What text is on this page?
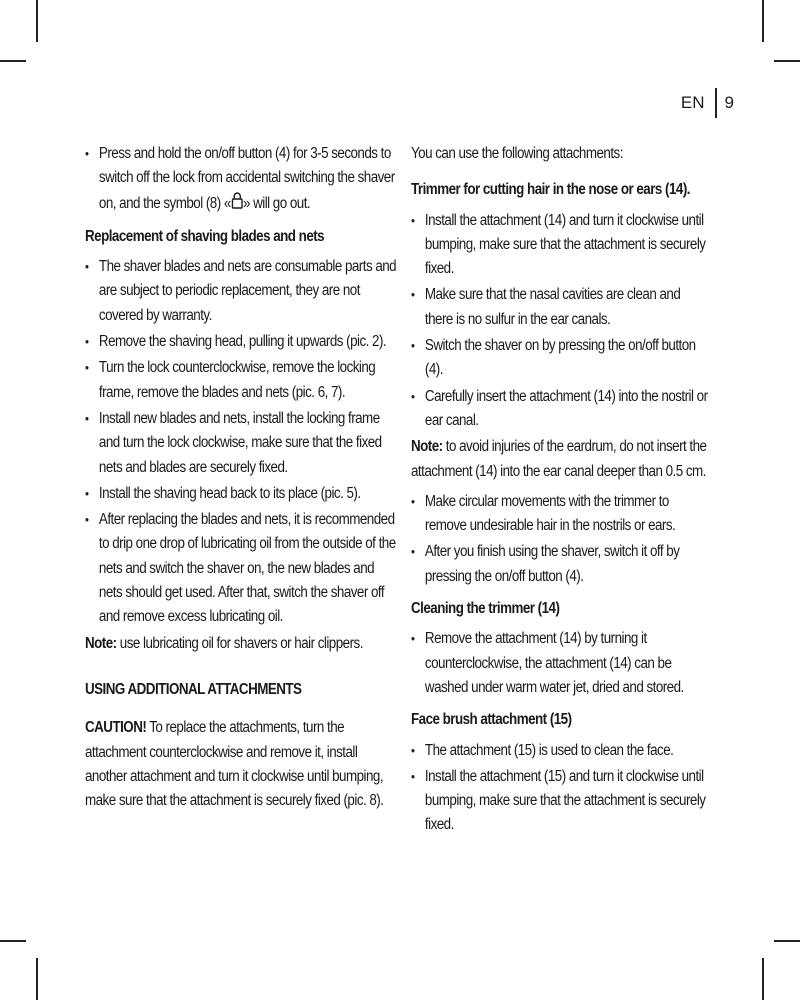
EN	9
• Press and hold the on/off button (4) for 3-5 seconds to switch off the lock from accidental switching the shaver on, and the symbol (8) « » will go out.
Replacement of shaving blades and nets
• The shaver blades and nets are consumable parts and are subject to periodic replacement, they are not covered by warranty.
• Remove the shaving head, pulling it upwards (pic. 2).
• Turn the lock counterclockwise, remove the locking frame, remove the blades and nets (pic. 6, 7).
• Install new blades and nets, install the locking frame and turn the lock clockwise, make sure that the fixed nets and blades are securely fixed.
• Install the shaving head back to its place (pic. 5).
• After replacing the blades and nets, it is recommended to drip one drop of lubricating oil from the outside of the nets and switch the shaver on, the new blades and nets should get used. After that, switch the shaver off and remove excess lubricating oil.
Note: use lubricating oil for shavers or hair clippers.
USING ADDITIONAL ATTACHMENTS
CAUTION! To replace the attachments, turn the attachment counterclockwise and remove it, install another attachment and turn it clockwise until bumping, make sure that the attachment is securely fixed (pic. 8).
You can use the following attachments:
Trimmer for cutting hair in the nose or ears (14).
• Install the attachment (14) and turn it clockwise until bumping, make sure that the attachment is securely fixed.
• Make sure that the nasal cavities are clean and there is no sulfur in the ear canals.
• Switch the shaver on by pressing the on/off button (4).
• Carefully insert the attachment (14) into the nostril or ear canal.
Note: to avoid injuries of the eardrum, do not insert the attachment (14) into the ear canal deeper than 0.5 cm.
• Make circular movements with the trimmer to remove undesirable hair in the nostrils or ears.
• After you finish using the shaver, switch it off by pressing the on/off button (4).
Cleaning the trimmer (14)
• Remove the attachment (14) by turning it counterclockwise, the attachment (14) can be washed under warm water jet, dried and stored.
Face brush attachment (15)
• The attachment (15) is used to clean the face.
• Install the attachment (15) and turn it clockwise until bumping, make sure that the attachment is securely fixed.
